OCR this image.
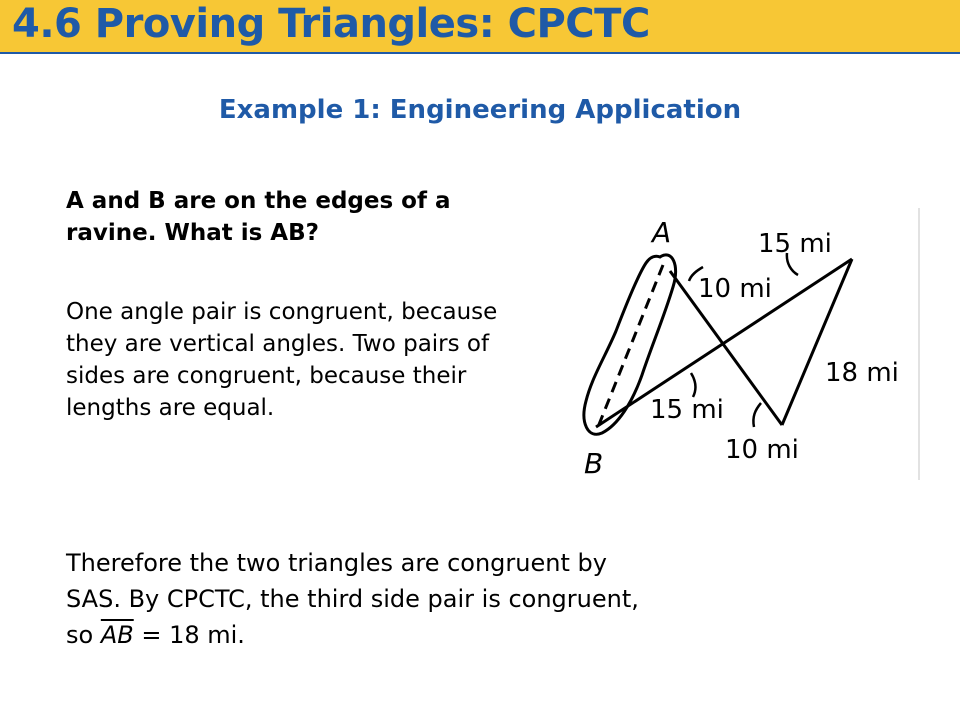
4.6 Proving Triangles: CPCTC
Example 1: Engineering Application
A and B are on the edges of a ravine. What is AB?
One angle pair is congruent, because they are vertical angles. Two pairs of sides are congruent, because their lengths are equal.
Therefore the two triangles are congruent by
SAS. By CPCTC, the third side pair is congruent,
so $\overline{AB} = 18$ mi.
A
B
15 mi
10 mi
18 mi
15 mi
10 mi
